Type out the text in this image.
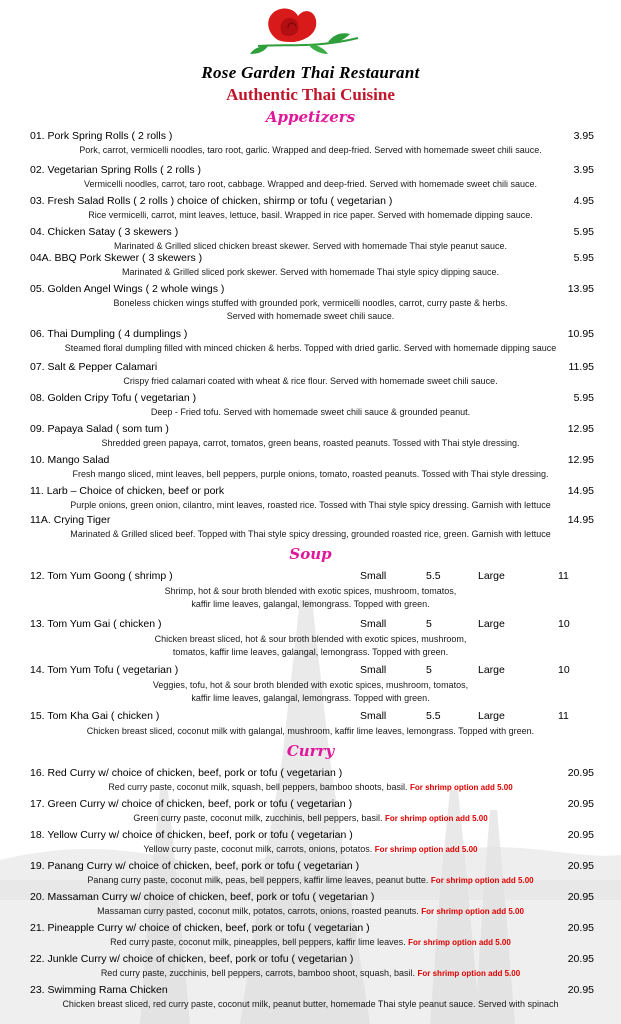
Rose Garden Thai Restaurant
Authentic Thai Cuisine
Appetizers
Soup
Curry
01. Pork Spring Rolls ( 2 rolls )	3.95
Pork, carrot, vermicelli noodles, taro root, garlic. Wrapped and deep-fried. Served with homemade sweet chili sauce.
02. Vegetarian Spring Rolls ( 2 rolls )	3.95
Vermicelli noodles, carrot, taro root, cabbage. Wrapped and deep-fried. Served with homemade sweet chili sauce.
03. Fresh Salad Rolls ( 2 rolls ) choice of chicken, shirmp or tofu ( vegetarian )	4.95
Rice vermicelli, carrot, mint leaves, lettuce, basil. Wrapped in rice paper. Served with homemade dipping sauce.
04. Chicken Satay ( 3 skewers )	5.95
Marinated & Grilled sliced chicken breast skewer. Served with homemade Thai style peanut sauce.
04A. BBQ Pork Skewer ( 3 skewers )	5.95
Marinated & Grilled sliced pork skewer. Served with homemade Thai style spicy dipping sauce.
05. Golden Angel Wings ( 2 whole wings )	13.95
Boneless chicken wings stuffed with grounded pork, vermicelli noodles, carrot, curry paste & herbs.
Served with homemade sweet chili sauce.
06. Thai Dumpling ( 4 dumplings )	10.95
Steamed floral dumpling filled with minced chicken & herbs. Topped with dried garlic. Served with homemade dipping sauce
07. Salt & Pepper Calamari	11.95
Crispy fried calamari coated with wheat & rice flour. Served with homemade sweet chili sauce.
08. Golden Cripy Tofu ( vegetarian )	5.95
Deep - Fried tofu. Served with homemade sweet chili sauce & grounded peanut.
09. Papaya Salad ( som tum )	12.95
Shredded green papaya, carrot, tomatos, green beans, roasted peanuts. Tossed with Thai style dressing.
10. Mango Salad	12.95
Fresh mango sliced, mint leaves, bell peppers, purple onions, tomato, roasted peanuts. Tossed with Thai style dressing.
11. Larb – Choice of chicken, beef or pork	14.95
Purple onions, green onion, cilantro, mint leaves, roasted rice. Tossed with Thai style spicy dressing. Garnish with lettuce
11A. Crying Tiger	14.95
Marinated & Grilled sliced beef. Topped with Thai style spicy dressing, grounded roasted rice, green. Garnish with lettuce
12. Tom Yum Goong ( shrimp )	Small	5.5	Large	11
Shrimp, hot & sour broth blended with exotic spices, mushroom, tomatos,
kaffir lime leaves, galangal, lemongrass. Topped with green.
13. Tom Yum Gai ( chicken )	Small	5	Large	10
Chicken breast sliced, hot & sour broth blended with exotic spices, mushroom,
tomatos, kaffir lime leaves, galangal, lemongrass. Topped with green.
14. Tom Yum Tofu ( vegetarian )	Small	5	Large	10
Veggies, tofu, hot & sour broth blended with exotic spices, mushroom, tomatos,
kaffir lime leaves, galangal, lemongrass. Topped with green.
15. Tom Kha Gai ( chicken )	Small	5.5	Large	11
Chicken breast sliced, coconut milk with galangal, mushroom, kaffir lime leaves, lemongrass. Topped with green.
16. Red Curry w/ choice of chicken, beef, pork or tofu ( vegetarian )	20.95
Red curry paste, coconut milk, squash, bell peppers, bamboo shoots, basil. For shrimp option add 5.00
17. Green Curry w/ choice of chicken, beef, pork or tofu ( vegetarian )	20.95
Green curry paste, coconut milk, zucchinis, bell peppers, basil. For shrimp option add 5.00
18. Yellow Curry w/ choice of chicken, beef, pork or tofu ( vegetarian )	20.95
Yellow curry paste, coconut milk, carrots, onions, potatos. For shrimp option add 5.00
19. Panang Curry w/ choice of chicken, beef, pork or tofu ( vegetarian )	20.95
Panang curry paste, coconut milk, peas, bell peppers, kaffir lime leaves, peanut butte. For shrimp option add 5.00
20. Massaman Curry w/ choice of chicken, beef, pork or tofu ( vegetarian )	20.95
Massaman curry pasted, coconut milk, potatos, carrots, onions, roasted peanuts. For shrimp option add 5.00
21. Pineapple Curry w/ choice of chicken, beef, pork or tofu ( vegetarian )	20.95
Red curry paste, coconut milk, pineapples, bell peppers, kaffir lime leaves. For shrimp option add 5.00
22. Junkle Curry w/ choice of chicken, beef, pork or tofu ( vegetarian )	20.95
Red curry paste, zucchinis, bell peppers, carrots, bamboo shoot, squash, basil. For shrimp option add 5.00
23. Swimming Rama Chicken	20.95
Chicken breast sliced, red curry paste, coconut milk, peanut butter, homemade Thai style peanut sauce. Served with spinach
